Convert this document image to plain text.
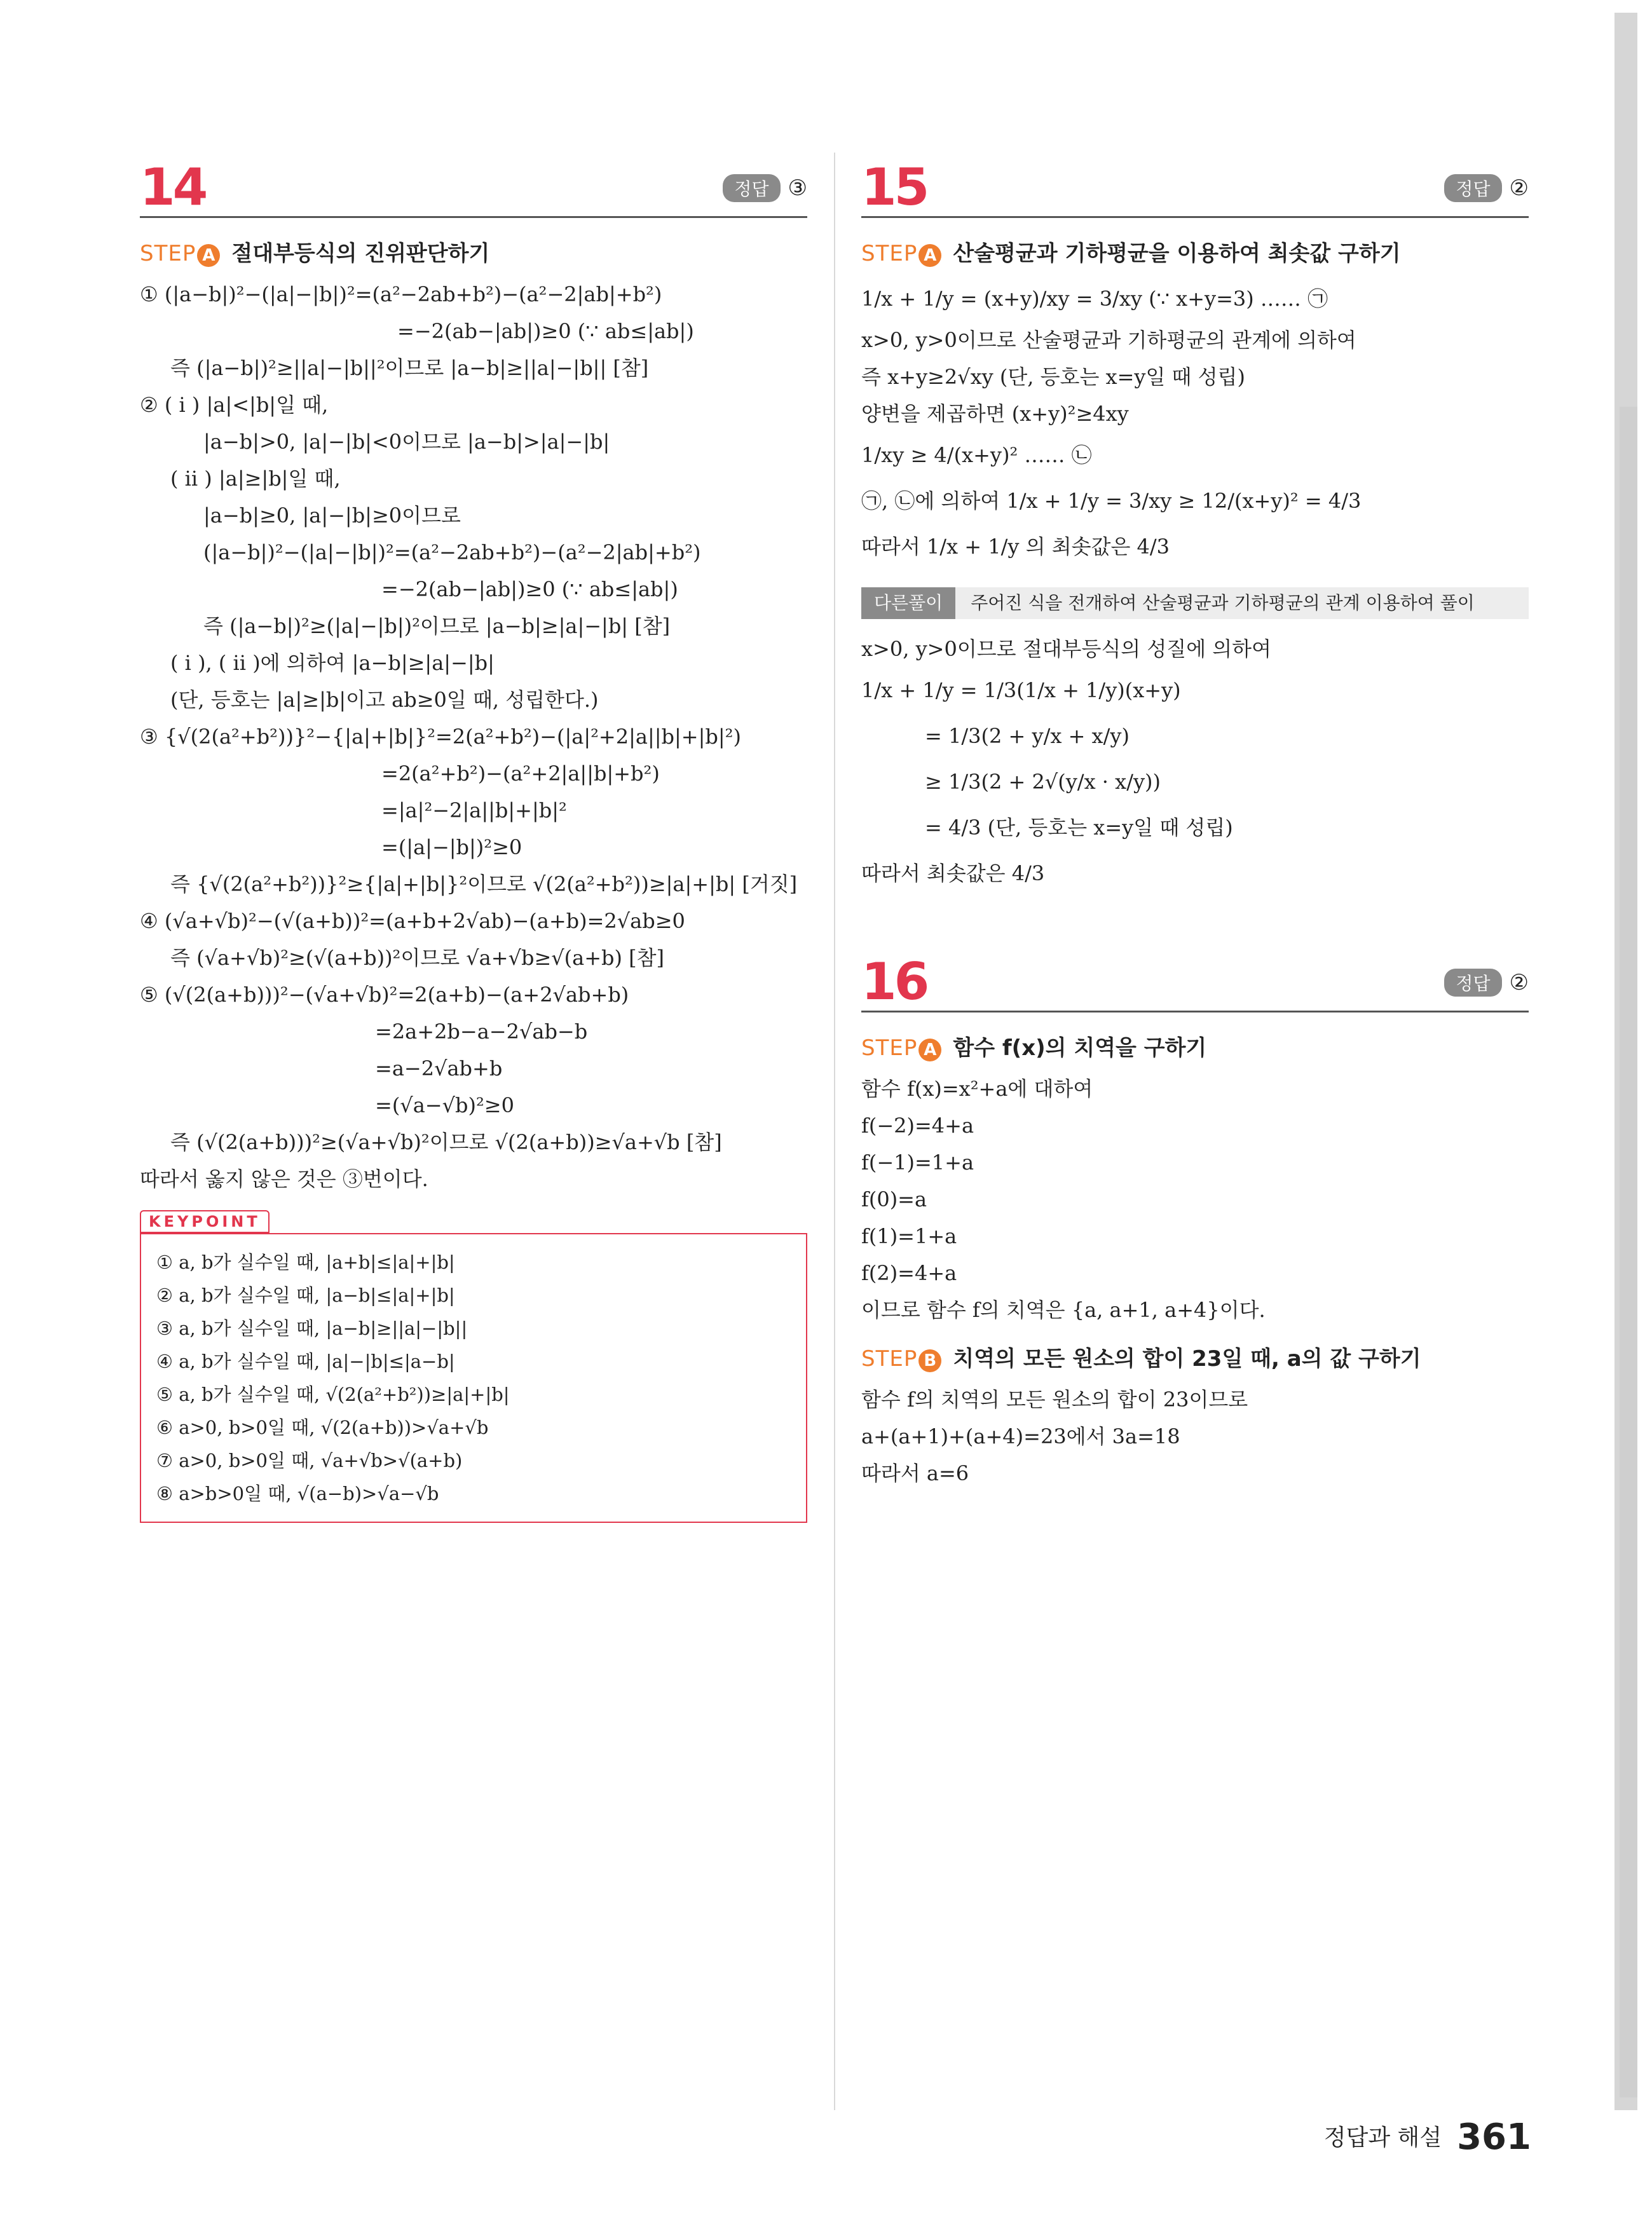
14	정답 ③
STEP A 절대부등식의 진위판단하기
① (|a−b|)²−(|a|−|b|)²=(a²−2ab+b²)−(a²−2|ab|+b²)
=−2(ab−|ab|)≥0 (∵ ab≤|ab|)
즉 (|a−b|)²≥||a|−|b||²이므로 |a−b|≥||a|−|b|| [참]
② ( i ) |a|<|b|일 때,
|a−b|>0, |a|−|b|<0이므로 |a−b|>|a|−|b|
( ii ) |a|≥|b|일 때,
|a−b|≥0, |a|−|b|≥0이므로
(|a−b|)²−(|a|−|b|)²=(a²−2ab+b²)−(a²−2|ab|+b²)
=−2(ab−|ab|)≥0 (∵ ab≤|ab|)
즉 (|a−b|)²≥(|a|−|b|)²이므로 |a−b|≥|a|−|b| [참]
( i ), ( ii )에 의하여 |a−b|≥|a|−|b|
(단, 등호는 |a|≥|b|이고 ab≥0일 때, 성립한다.)
③ {√(2(a²+b²))}²−{|a|+|b|}²=2(a²+b²)−(|a|²+2|a||b|+|b|²)
=2(a²+b²)−(a²+2|a||b|+b²)
=|a|²−2|a||b|+|b|²
=(|a|−|b|)²≥0
즉 {√(2(a²+b²))}²≥{|a|+|b|}²이므로 √(2(a²+b²))≥|a|+|b| [거짓]
④ (√a+√b)²−(√(a+b))²=(a+b+2√ab)−(a+b)=2√ab≥0
즉 (√a+√b)²≥(√(a+b))²이므로 √a+√b≥√(a+b) [참]
⑤ (√(2(a+b)))²−(√a+√b)²=2(a+b)−(a+2√ab+b)
=2a+2b−a−2√ab−b
=a−2√ab+b
=(√a−√b)²≥0
즉 (√(2(a+b)))²≥(√a+√b)²이므로 √(2(a+b))≥√a+√b [참]
따라서 옳지 않은 것은 ③번이다.
KEYPOINT
① a, b가 실수일 때, |a+b|≤|a|+|b|
② a, b가 실수일 때, |a−b|≤|a|+|b|
③ a, b가 실수일 때, |a−b|≥||a|−|b||
④ a, b가 실수일 때, |a|−|b|≤|a−b|
⑤ a, b가 실수일 때, √(2(a²+b²))≥|a|+|b|
⑥ a>0, b>0일 때, √(2(a+b))>√a+√b
⑦ a>0, b>0일 때, √a+√b>√(a+b)
⑧ a>b>0일 때, √(a−b)>√a−√b
15	정답 ②
STEP A 산술평균과 기하평균을 이용하여 최솟값 구하기
1/x + 1/y = (x+y)/xy = 3/xy (∵ x+y=3) …… ㉠
x>0, y>0이므로 산술평균과 기하평균의 관계에 의하여
즉 x+y≥2√xy (단, 등호는 x=y일 때 성립)
양변을 제곱하면 (x+y)²≥4xy
1/xy ≥ 4/(x+y)² …… ㉡
㉠, ㉡에 의하여 1/x + 1/y = 3/xy ≥ 12/(x+y)² = 4/3
따라서 1/x + 1/y 의 최솟값은 4/3
다른풀이 주어진 식을 전개하여 산술평균과 기하평균의 관계 이용하여 풀이
x>0, y>0이므로 절대부등식의 성질에 의하여
1/x + 1/y = 1/3(1/x + 1/y)(x+y)
= 1/3(2 + y/x + x/y)
≥ 1/3(2 + 2√(y/x · x/y))
= 4/3 (단, 등호는 x=y일 때 성립)
따라서 최솟값은 4/3
16	정답 ②
STEP A 함수 f(x)의 치역을 구하기
함수 f(x)=x²+a에 대하여
f(−2)=4+a
f(−1)=1+a
f(0)=a
f(1)=1+a
f(2)=4+a
이므로 함수 f의 치역은 {a, a+1, a+4}이다.
STEP B 치역의 모든 원소의 합이 23일 때, a의 값 구하기
함수 f의 치역의 모든 원소의 합이 23이므로
a+(a+1)+(a+4)=23에서 3a=18
따라서 a=6
정답과 해설 361
